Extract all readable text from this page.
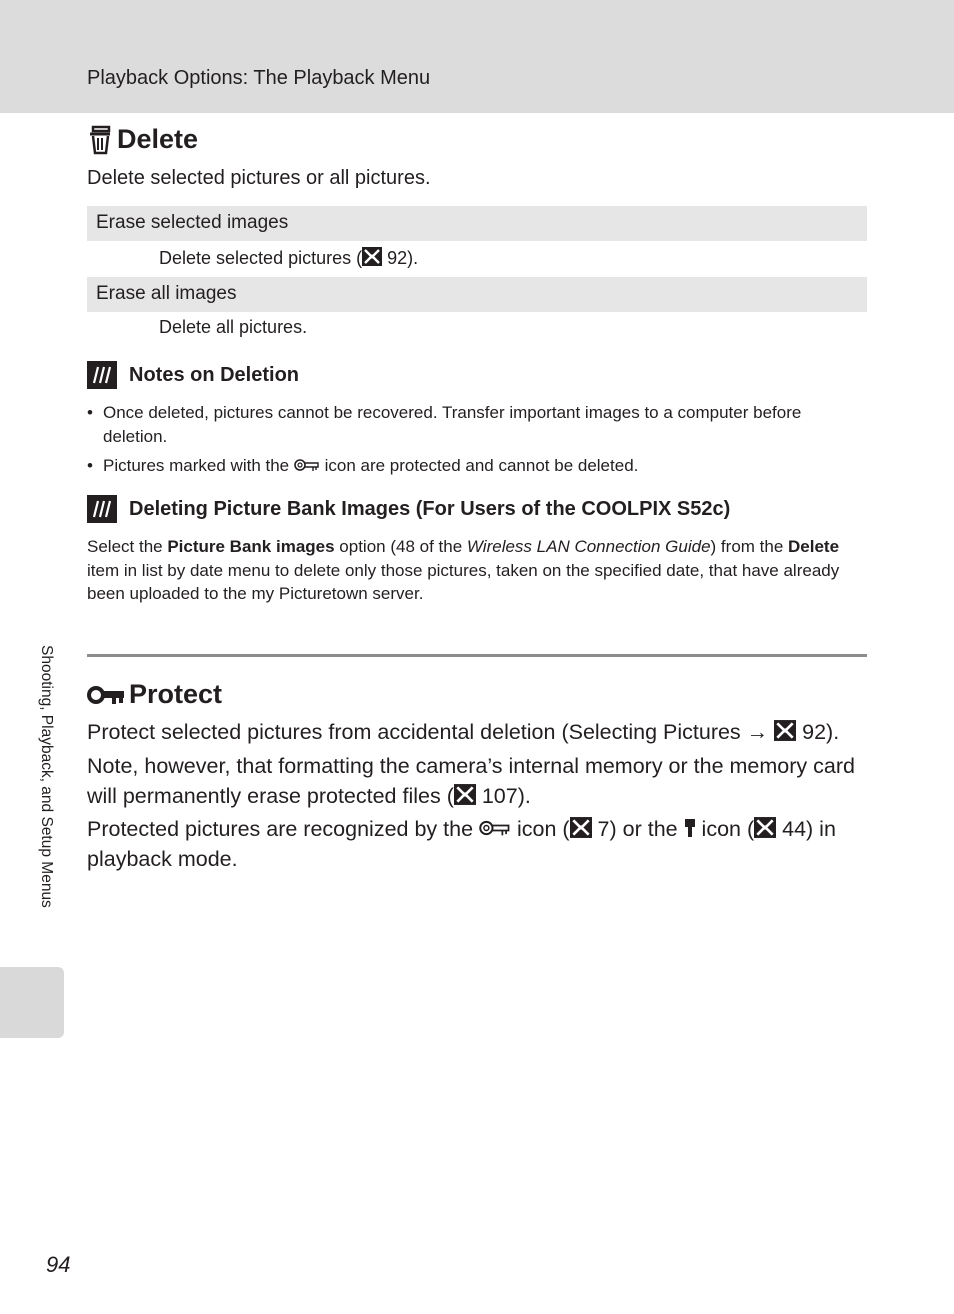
Playback Options: The Playback Menu
Delete
Delete selected pictures or all pictures.
Erase selected images
Delete selected pictures ( 92).
Erase all images
Delete all pictures.
Notes on Deletion
• Once deleted, pictures cannot be recovered. Transfer important images to a computer before deletion.
• Pictures marked with the  icon are protected and cannot be deleted.
Deleting Picture Bank Images (For Users of the COOLPIX S52c)

Select the Picture Bank images option (48 of the Wireless LAN Connection Guide) from the Delete item in list by date menu to delete only those pictures, taken on the specified date, that have already been uploaded to the my Picturetown server.

Protect

Protect selected pictures from accidental deletion (Selecting Pictures →  92).

Note, however, that formatting the camera’s internal memory or the memory card will permanently erase protected files ( 107).

Protected pictures are recognized by the  icon ( 7) or the  icon ( 44) in playback mode.

Shooting, Playback, and Setup Menus
94
